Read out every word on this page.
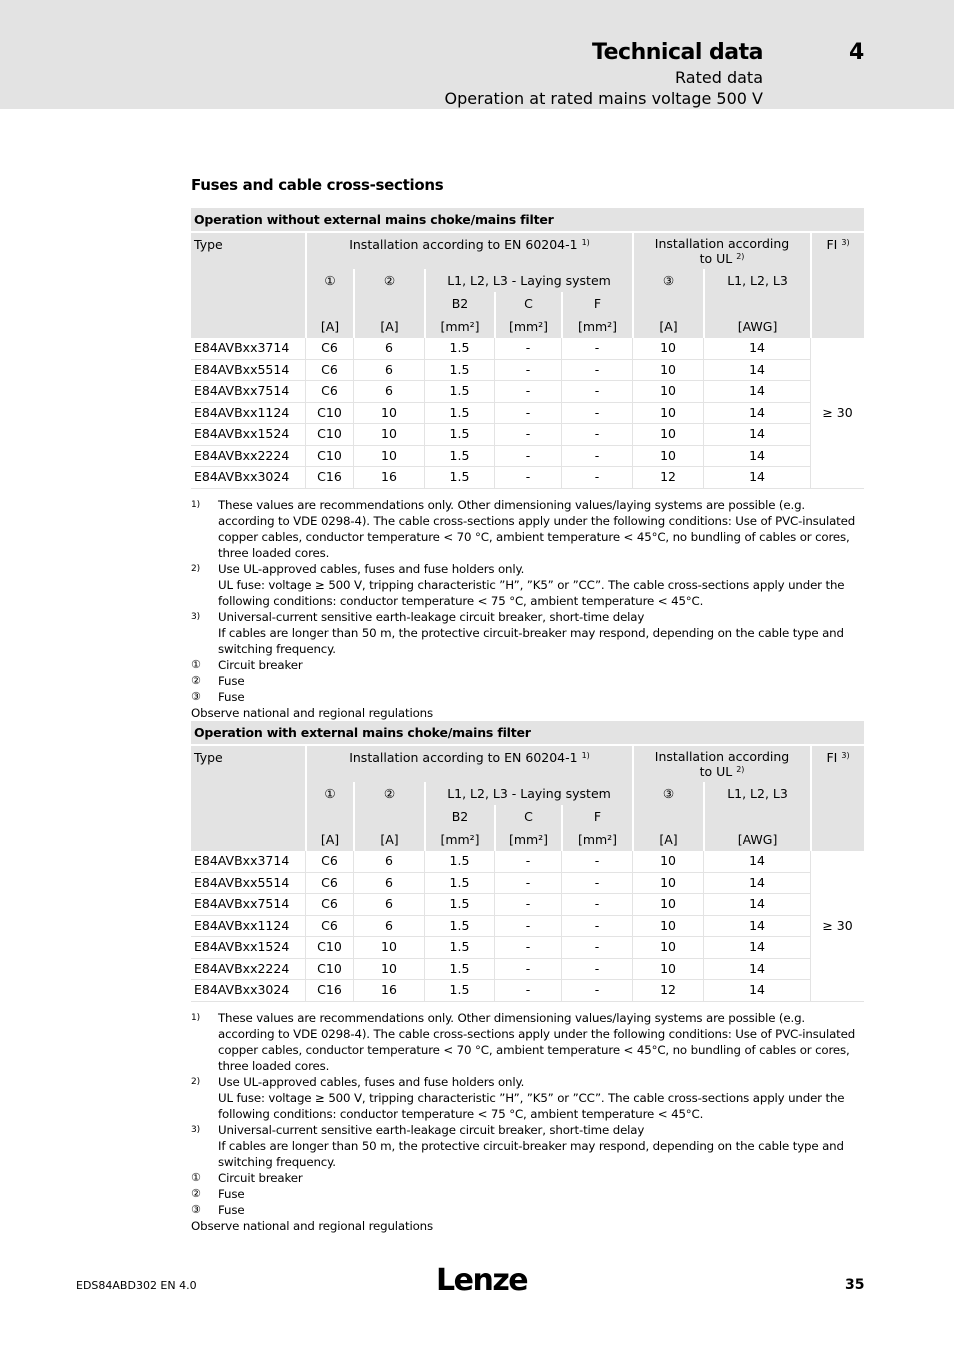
Technical data	4
Rated data
Operation at rated mains voltage 500 V
Fuses and cable cross-sections
Operation without external mains choke/mains filter
Type	Installation according to EN 60204-1 $^{1)}$					Installation according
to UL $^{2)}$		FI $^{3)}$
	①	②	L1, L2, L3 - Laying system			③	L1, L2, L3	
			B2	C	F			
	[A]	[A]	[mm²]	[mm²]	[mm²]	[A]	[AWG]	

E84AVBxx3714	C6	6	1.5	-	-	10	14	≥ 30
E84AVBxx5514	C6	6	1.5	-	-	10	14	
E84AVBxx7514	C6	6	1.5	-	-	10	14	
E84AVBxx1124	C10	10	1.5	-	-	10	14	
E84AVBxx1524	C10	10	1.5	-	-	10	14	
E84AVBxx2224	C10	10	1.5	-	-	10	14	
E84AVBxx3024	C16	16	1.5	-	-	12	14	
1)	These values are recommendations only. Other dimensioning values/laying systems are possible (e.g. according to VDE 0298-4). The cable cross-sections apply under the following conditions: Use of PVC-insulated copper cables, conductor temperature < 70 °C, ambient temperature < 45°C, no bundling of cables or cores, three loaded cores.
2)	Use UL-approved cables, fuses and fuse holders only.
UL fuse: voltage ≥ 500 V, tripping characteristic ”H”, ”K5” or ”CC”. The cable cross-sections apply under the following conditions: conductor temperature < 75 °C, ambient temperature < 45°C.
3)	Universal-current sensitive earth-leakage circuit breaker, short-time delay
If cables are longer than 50 m, the protective circuit-breaker may respond, depending on the cable type and switching frequency.
①	Circuit breaker
②	Fuse
③	Fuse
Observe national and regional regulations
Operation with external mains choke/mains filter
Type	Installation according to EN 60204-1 $^{1)}$					Installation according
to UL $^{2)}$		FI $^{3)}$
	①	②	L1, L2, L3 - Laying system			③	L1, L2, L3	
			B2	C	F			
	[A]	[A]	[mm²]	[mm²]	[mm²]	[A]	[AWG]	

E84AVBxx3714	C6	6	1.5	-	-	10	14	≥ 30
E84AVBxx5514	C6	6	1.5	-	-	10	14	
E84AVBxx7514	C6	6	1.5	-	-	10	14	
E84AVBxx1124	C6	6	1.5	-	-	10	14	
E84AVBxx1524	C10	10	1.5	-	-	10	14	
E84AVBxx2224	C10	10	1.5	-	-	10	14	
E84AVBxx3024	C16	16	1.5	-	-	12	14	
1)	These values are recommendations only. Other dimensioning values/laying systems are possible (e.g. according to VDE 0298-4). The cable cross-sections apply under the following conditions: Use of PVC-insulated copper cables, conductor temperature < 70 °C, ambient temperature < 45°C, no bundling of cables or cores, three loaded cores.
2)	Use UL-approved cables, fuses and fuse holders only.
UL fuse: voltage ≥ 500 V, tripping characteristic ”H”, ”K5” or ”CC”. The cable cross-sections apply under the following conditions: conductor temperature < 75 °C, ambient temperature < 45°C.
3)	Universal-current sensitive earth-leakage circuit breaker, short-time delay
If cables are longer than 50 m, the protective circuit-breaker may respond, depending on the cable type and switching frequency.
①	Circuit breaker
②	Fuse
③	Fuse
Observe national and regional regulations
EDS84ABD302 EN 4.0	Lenze	35
